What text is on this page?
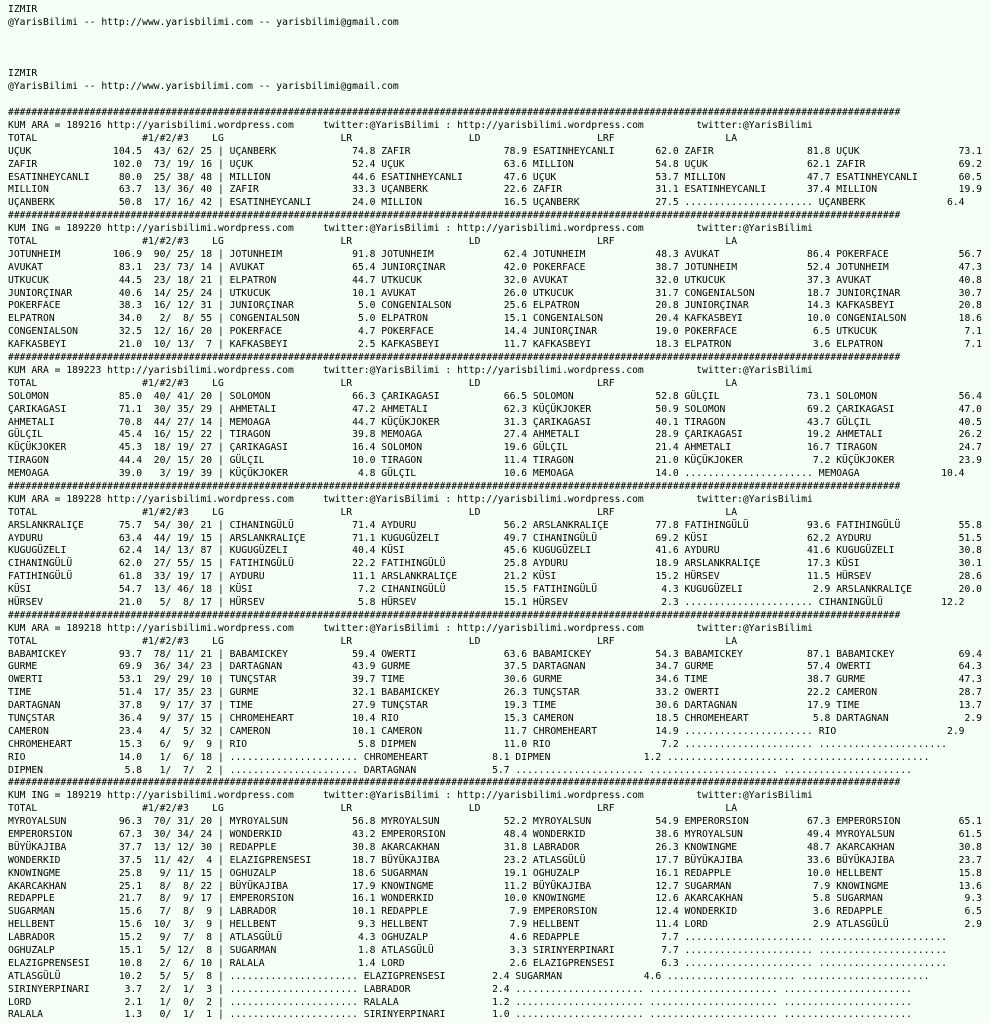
IZMIR
@YarisBilimi -- http://www.yarisbilimi.com -- yarisbilimi@gmail.com

IZMIR
@YarisBilimi -- http://www.yarisbilimi.com -- yarisbilimi@gmail.com

#########################################################################################################################################################
KUM ARA = 189216 http://yarisbilimi.wordpress.com     twitter:@YarisBilimi : http://yarisbilimi.wordpress.com         twitter:@YarisBilimi
TOTAL                  #1/#2/#3    LG                    LR                    LD                    LRF                   LA
UÇUK              104.5  43/ 62/ 25 | UÇANBERK             74.8 ZAFIR                78.9 ESATINHEYCANLI       62.0 ZAFIR                81.8 UÇUK                 73.1
ZAFIR             102.0  73/ 19/ 16 | UÇUK                 52.4 UÇUK                 63.6 MILLION              54.8 UÇUK                 62.1 ZAFIR                69.2
ESATINHEYCANLI     80.0  25/ 38/ 48 | MILLION              44.6 ESATINHEYCANLI       47.6 UÇUK                 53.7 MILLION              47.7 ESATINHEYCANLI       60.5
MILLION            63.7  13/ 36/ 40 | ZAFIR                33.3 UÇANBERK             22.6 ZAFIR                31.1 ESATINHEYCANLI       37.4 MILLION              19.9
UÇANBERK           50.8  17/ 16/ 42 | ESATINHEYCANLI       24.0 MILLION              16.5 UÇANBERK             27.5 ...................... UÇANBERK              6.4
#########################################################################################################################################################
KUM ING = 189220 http://yarisbilimi.wordpress.com     twitter:@YarisBilimi : http://yarisbilimi.wordpress.com         twitter:@YarisBilimi
TOTAL                  #1/#2/#3    LG                    LR                    LD                    LRF                   LA
JOTUNHEIM         106.9  90/ 25/ 18 | JOTUNHEIM            91.8 JOTUNHEIM            62.4 JOTUNHEIM            48.3 AVUKAT               86.4 POKERFACE            56.7
AVUKAT             83.1  23/ 73/ 14 | AVUKAT               65.4 JUNIORÇINAR          42.0 POKERFACE            38.7 JOTUNHEIM            52.4 JOTUNHEIM            47.3
UTKUCUK            44.5  23/ 18/ 21 | ELPATRON             44.7 UTKUCUK              32.0 AVUKAT               32.0 UTKUCUK              37.3 AVUKAT               40.8
JUNIORÇINAR        40.6  14/ 25/ 24 | UTKUCUK              10.1 AVUKAT               26.0 UTKUCUK              31.7 CONGENIALSON         18.7 JUNIORÇINAR          30.7
POKERFACE          38.3  16/ 12/ 31 | JUNIORÇINAR           5.0 CONGENIALSON         25.6 ELPATRON             20.8 JUNIORÇINAR          14.3 KAFKASBEYI           20.8
ELPATRON           34.0   2/  8/ 55 | CONGENIALSON          5.0 ELPATRON             15.1 CONGENIALSON         20.4 KAFKASBEYI           10.0 CONGENIALSON         18.6
CONGENIALSON       32.5  12/ 16/ 20 | POKERFACE             4.7 POKERFACE            14.4 JUNIORÇINAR          19.0 POKERFACE             6.5 UTKUCUK               7.1
KAFKASBEYI         21.0  10/ 13/  7 | KAFKASBEYI            2.5 KAFKASBEYI           11.7 KAFKASBEYI           18.3 ELPATRON              3.6 ELPATRON              7.1
#########################################################################################################################################################
KUM ARA = 189223 http://yarisbilimi.wordpress.com     twitter:@YarisBilimi : http://yarisbilimi.wordpress.com         twitter:@YarisBilimi
TOTAL                  #1/#2/#3    LG                    LR                    LD                    LRF                   LA
SOLOMON            85.0  40/ 41/ 20 | SOLOMON              66.3 ÇARIKAGASI           66.5 SOLOMON              52.8 GÜLÇIL               73.1 SOLOMON              56.4
ÇARIKAGASI         71.1  30/ 35/ 29 | AHMETALI             47.2 AHMETALI             62.3 KÜÇÜKJOKER           50.9 SOLOMON              69.2 ÇARIKAGASI           47.0
AHMETALI           70.8  44/ 27/ 14 | MEMOAGA              44.7 KÜÇÜKJOKER           31.3 ÇARIKAGASI           40.1 TIRAGON              43.7 GÜLÇIL               40.5
GÜLÇIL             45.4  16/ 15/ 22 | TIRAGON              39.8 MEMOAGA              27.4 AHMETALI             28.9 ÇARIKAGASI           19.2 AHMETALI             26.2
KÜÇÜKJOKER         45.3  18/ 19/ 27 | ÇARIKAGASI           16.4 SOLOMON              19.6 GÜLÇIL               21.4 AHMETALI             16.7 TIRAGON              24.7
TIRAGON            44.4  20/ 15/ 20 | GÜLÇIL               10.0 TIRAGON              11.4 TIRAGON              21.0 KÜÇÜKJOKER            7.2 KÜÇÜKJOKER           23.9
MEMOAGA            39.0   3/ 19/ 39 | KÜÇÜKJOKER            4.8 GÜLÇIL               10.6 MEMOAGA              14.0 ...................... MEMOAGA              10.4
#########################################################################################################################################################
KUM ARA = 189228 http://yarisbilimi.wordpress.com     twitter:@YarisBilimi : http://yarisbilimi.wordpress.com         twitter:@YarisBilimi
TOTAL                  #1/#2/#3    LG                    LR                    LD                    LRF                   LA
ARSLANKRALIÇE      75.7  54/ 30/ 21 | CIHANINGÜLÜ          71.4 AYDURU               56.2 ARSLANKRALIÇE        77.8 FATIHINGÜLÜ          93.6 FATIHINGÜLÜ          55.8
AYDURU             63.4  44/ 19/ 15 | ARSLANKRALIÇE        71.1 KUGUGÜZELI           49.7 CIHANINGÜLÜ          69.2 KÜSI                 62.2 AYDURU               51.5
KUGUGÜZELI         62.4  14/ 13/ 87 | KUGUGÜZELI           40.4 KÜSI                 45.6 KUGUGÜZELI           41.6 AYDURU               41.6 KUGUGÜZELI           30.8
CIHANINGÜLÜ        62.0  27/ 55/ 15 | FATIHINGÜLÜ          22.2 FATIHINGÜLÜ          25.8 AYDURU               18.9 ARSLANKRALIÇE        17.3 KÜSI                 30.1
FATIHINGÜLÜ        61.8  33/ 19/ 17 | AYDURU               11.1 ARSLANKRALIÇE        21.2 KÜSI                 15.2 HÜRSEV               11.5 HÜRSEV               28.6
KÜSI               54.7  13/ 46/ 18 | KÜSI                  7.2 CIHANINGÜLÜ          15.5 FATIHINGÜLÜ           4.3 KUGUGÜZELI            2.9 ARSLANKRALIÇE        20.0
HÜRSEV             21.0   5/  8/ 17 | HÜRSEV                5.8 HÜRSEV               15.1 HÜRSEV                2.3 ...................... CIHANINGÜLÜ          12.2
#########################################################################################################################################################
KUM ARA = 189218 http://yarisbilimi.wordpress.com     twitter:@YarisBilimi : http://yarisbilimi.wordpress.com         twitter:@YarisBilimi
TOTAL                  #1/#2/#3    LG                    LR                    LD                    LRF                   LA
BABAMICKEY         93.7  78/ 11/ 21 | BABAMICKEY           59.4 OWERTI               63.6 BABAMICKEY           54.3 BABAMICKEY           87.1 BABAMICKEY           69.4
GURME              69.9  36/ 34/ 23 | DARTAGNAN            43.9 GURME                37.5 DARTAGNAN            34.7 GURME                57.4 OWERTI               64.3
OWERTI             53.1  29/ 29/ 10 | TUNÇSTAR             39.7 TIME                 30.6 GURME                34.6 TIME                 38.7 GURME                47.3
TIME               51.4  17/ 35/ 23 | GURME                32.1 BABAMICKEY           26.3 TUNÇSTAR             33.2 OWERTI               22.2 CAMERON              28.7
DARTAGNAN          37.8   9/ 17/ 37 | TIME                 27.9 TUNÇSTAR             19.3 TIME                 30.6 DARTAGNAN            17.9 TIME                 13.7
TUNÇSTAR           36.4   9/ 37/ 15 | CHROMEHEART          10.4 RIO                  15.3 CAMERON              18.5 CHROMEHEART           5.8 DARTAGNAN             2.9
CAMERON            23.4   4/  5/ 32 | CAMERON              10.1 CAMERON              11.7 CHROMEHEART          14.9 ...................... RIO                   2.9
CHROMEHEART        15.3   6/  9/  9 | RIO                   5.8 DIPMEN               11.0 RIO                   7.2 ...................... ......................
RIO                14.0   1/  6/ 18 | ...................... CHROMEHEART           8.1 DIPMEN                1.2 ...................... ......................
DIPMEN              5.8   1/  7/  2 | ...................... DARTAGNAN             5.7 ...................... ...................... ......................
#########################################################################################################################################################
KUM ING = 189219 http://yarisbilimi.wordpress.com     twitter:@YarisBilimi : http://yarisbilimi.wordpress.com         twitter:@YarisBilimi
TOTAL                  #1/#2/#3    LG                    LR                    LD                    LRF                   LA
MYROYALSUN         96.3  70/ 31/ 20 | MYROYALSUN           56.8 MYROYALSUN           52.2 MYROYALSUN           54.9 EMPERORSION          67.3 EMPERORSION          65.1
EMPERORSION        67.3  30/ 34/ 24 | WONDERKID            43.2 EMPERORSION          48.4 WONDERKID            38.6 MYROYALSUN           49.4 MYROYALSUN           61.5
BÜYÜKAJIBA         37.7  13/ 12/ 30 | REDAPPLE             30.8 AKARCAKHAN           31.8 LABRADOR             26.3 KNOWINGME            48.7 AKARCAKHAN           30.8
WONDERKID          37.5  11/ 42/  4 | ELAZIGPRENSESI       18.7 BÜYÜKAJIBA           23.2 ATLASGÜLÜ            17.7 BÜYÜKAJIBA           33.6 BÜYÜKAJIBA           23.7
KNOWINGME          25.8   9/ 11/ 15 | OGHUZALP             18.6 SUGARMAN             19.1 OGHUZALP             16.1 REDAPPLE             10.0 HELLBENT             15.8
AKARCAKHAN         25.1   8/  8/ 22 | BÜYÜKAJIBA           17.9 KNOWINGME            11.2 BÜYÜKAJIBA           12.7 SUGARMAN              7.9 KNOWINGME            13.6
REDAPPLE           21.7   8/  9/ 17 | EMPERORSION          16.1 WONDERKID            10.0 KNOWINGME            12.6 AKARCAKHAN            5.8 SUGARMAN              9.3
SUGARMAN           15.6   7/  8/  9 | LABRADOR             10.1 REDAPPLE              7.9 EMPERORSION          12.4 WONDERKID             3.6 REDAPPLE              6.5
HELLBENT           15.6  10/  3/  9 | HELLBENT              9.3 HELLBENT              7.9 HELLBENT             11.4 LORD                  2.9 ATLASGÜLÜ             2.9
LABRADOR           15.2   9/  7/  8 | ATLASGÜLÜ             4.3 OGHUZALP              4.6 REDAPPLE              7.7 ...................... ......................
OGHUZALP           15.1   5/ 12/  8 | SUGARMAN              1.8 ATLASGÜLÜ             3.3 SIRINYERPINARI        7.7 ...................... ......................
ELAZIGPRENSESI     10.8   2/  6/ 10 | RALALA                1.4 LORD                  2.6 ELAZIGPRENSESI        6.3 ...................... ......................
ATLASGÜLÜ          10.2   5/  5/  8 | ...................... ELAZIGPRENSESI        2.4 SUGARMAN              4.6 ...................... ......................
SIRINYERPINARI      3.7   2/  1/  3 | ...................... LABRADOR              2.4 ...................... ...................... ......................
LORD                2.1   1/  0/  2 | ...................... RALALA                1.2 ...................... ...................... ......................
RALALA              1.3   0/  1/  1 | ...................... SIRINYERPINARI        1.0 ...................... ...................... ......................
